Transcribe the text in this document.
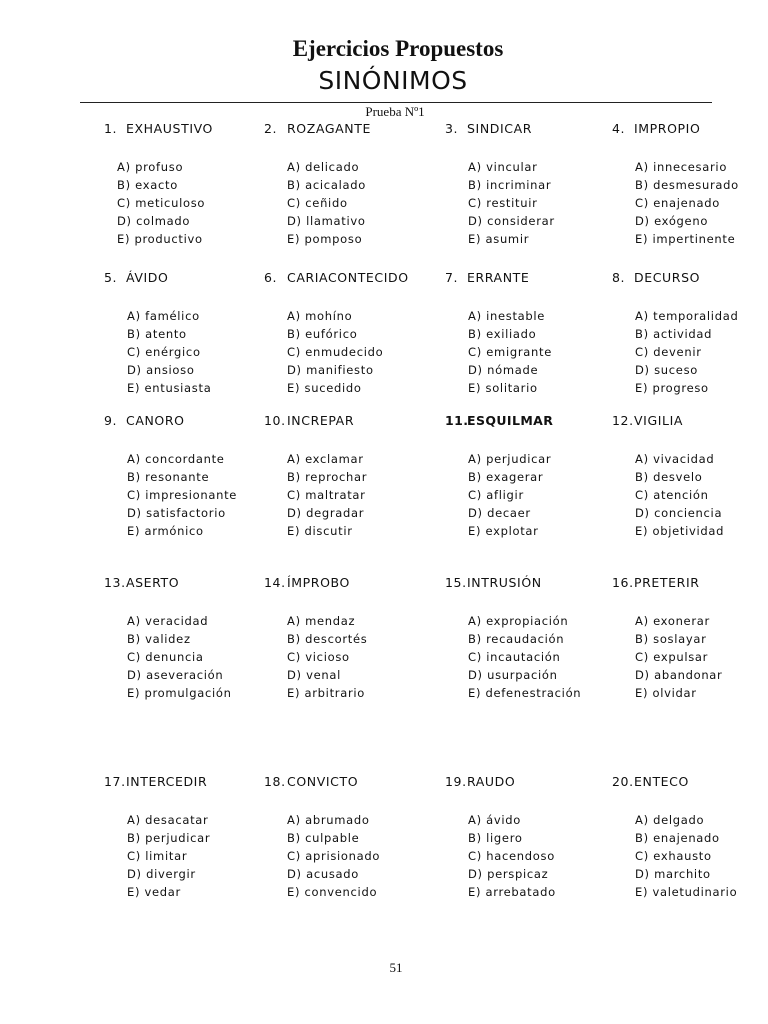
Ejercicios Propuestos
SINÓNIMOS
Prueba Nº1
1. EXHAUSTIVO
A) profuso
B) exacto
C) meticuloso
D) colmado
E) productivo
2. ROZAGANTE
A) delicado
B) acicalado
C) ceñido
D) llamativo
E) pomposo
3. SINDICAR
A) vincular
B) incriminar
C) restituir
D) considerar
E) asumir
4. IMPROPIO
A) innecesario
B) desmesurado
C) enajenado
D) exógeno
E) impertinente
5. ÁVIDO
A) famélico
B) atento
C) enérgico
D) ansioso
E) entusiasta
6. CARIACONTECIDO
A) mohíno
B) eufórico
C) enmudecido
D) manifiesto
E) sucedido
7. ERRANTE
A) inestable
B) exiliado
C) emigrante
D) nómade
E) solitario
8. DECURSO
A) temporalidad
B) actividad
C) devenir
D) suceso
E) progreso
9. CANORO
A) concordante
B) resonante
C) impresionante
D) satisfactorio
E) armónico
10.INCREPAR
A) exclamar
B) reprochar
C) maltratar
D) degradar
E) discutir
11.ESQUILMAR
A) perjudicar
B) exagerar
C) afligir
D) decaer
E) explotar
12.VIGILIA
A) vivacidad
B) desvelo
C) atención
D) conciencia
E) objetividad
13.ASERTO
A) veracidad
B) validez
C) denuncia
D) aseveración
E) promulgación
14.ÍMPROBO
A) mendaz
B) descortés
C) vicioso
D) venal
E) arbitrario
15.INTRUSIÓN
A) expropiación
B) recaudación
C) incautación
D) usurpación
E) defenestración
16.PRETERIR
A) exonerar
B) soslayar
C) expulsar
D) abandonar
E) olvidar
17.INTERCEDIR
A) desacatar
B) perjudicar
C) limitar
D) divergir
E) vedar
18.CONVICTO
A) abrumado
B) culpable
C) aprisionado
D) acusado
E) convencido
19.RAUDO
A) ávido
B) ligero
C) hacendoso
D) perspicaz
E) arrebatado
20.ENTECO
A) delgado
B) enajenado
C) exhausto
D) marchito
E) valetudinario
51
